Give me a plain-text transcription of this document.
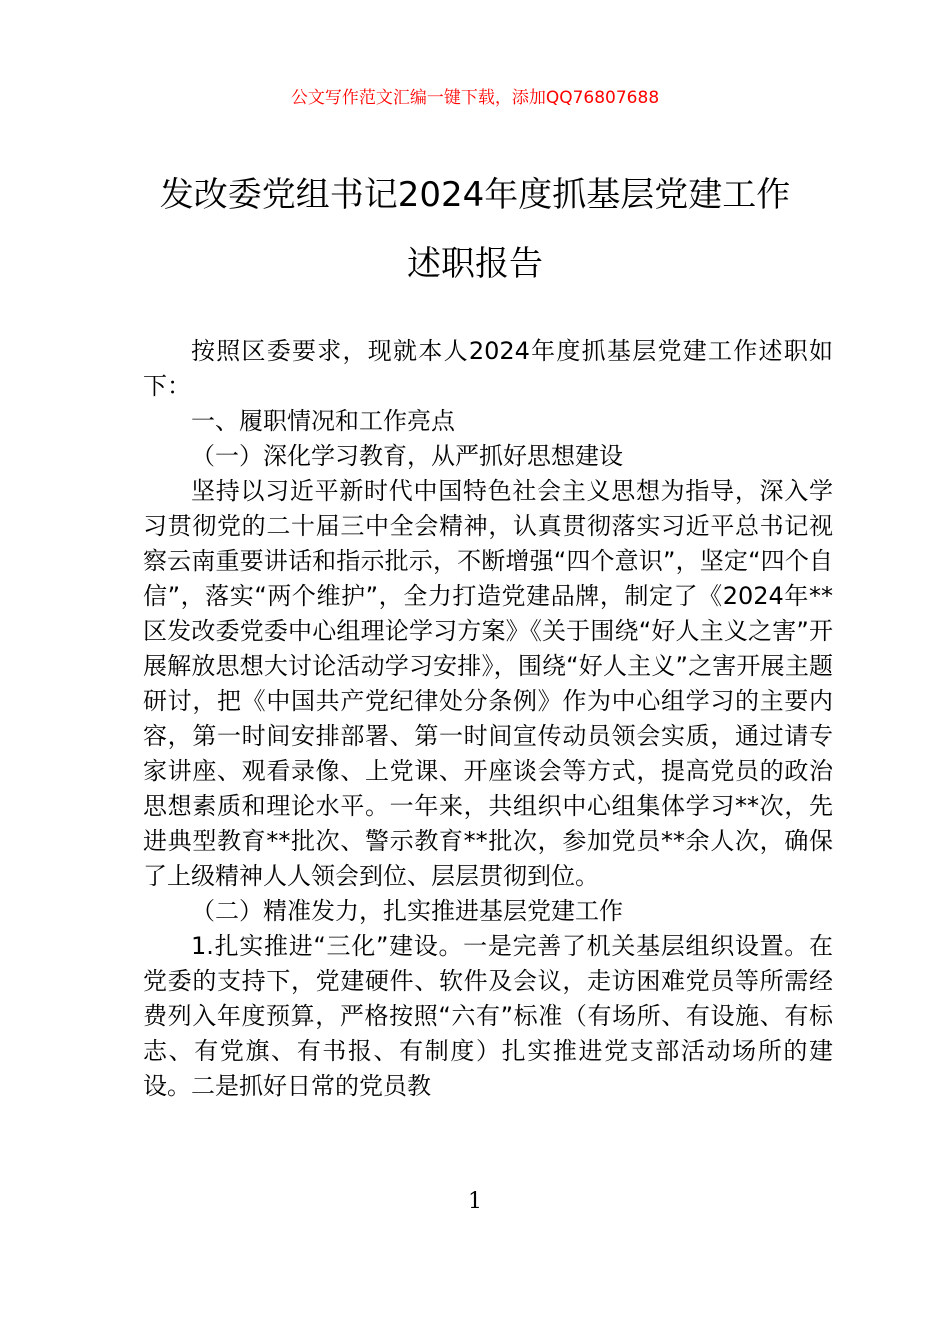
公文写作范文汇编一键下载，添加QQ76807688
发改委党组书记2024年度抓基层党建工作
述职报告

按照区委要求，现就本人2024年度抓基层党建工作述职如下：

一、履职情况和工作亮点

（一）深化学习教育，从严抓好思想建设

坚持以习近平新时代中国特色社会主义思想为指导，深入学习贯彻党的二十届三中全会精神，认真贯彻落实习近平总书记视察云南重要讲话和指示批示，不断增强“四个意识”，坚定“四个自信”，落实“两个维护”，全力打造党建品牌，制定了《2024年**区发改委党委中心组理论学习方案》《关于围绕“好人主义之害”开展解放思想大讨论活动学习安排》，围绕“好人主义”之害开展主题研讨，把《中国共产党纪律处分条例》作为中心组学习的主要内容，第一时间安排部署、第一时间宣传动员领会实质，通过请专家讲座、观看录像、上党课、开座谈会等方式，提高党员的政治思想素质和理论水平。一年来，共组织中心组集体学习**次，先进典型教育**批次、警示教育**批次，参加党员**余人次，确保了上级精神人人领会到位、层层贯彻到位。

（二）精准发力，扎实推进基层党建工作

1.扎实推进“三化”建设。一是完善了机关基层组织设置。在党委的支持下，党建硬件、软件及会议，走访困难党员等所需经费列入年度预算，严格按照“六有”标准（有场所、有设施、有标志、有党旗、有书报、有制度）扎实推进党支部活动场所的建设。二是抓好日常的党员教

1
